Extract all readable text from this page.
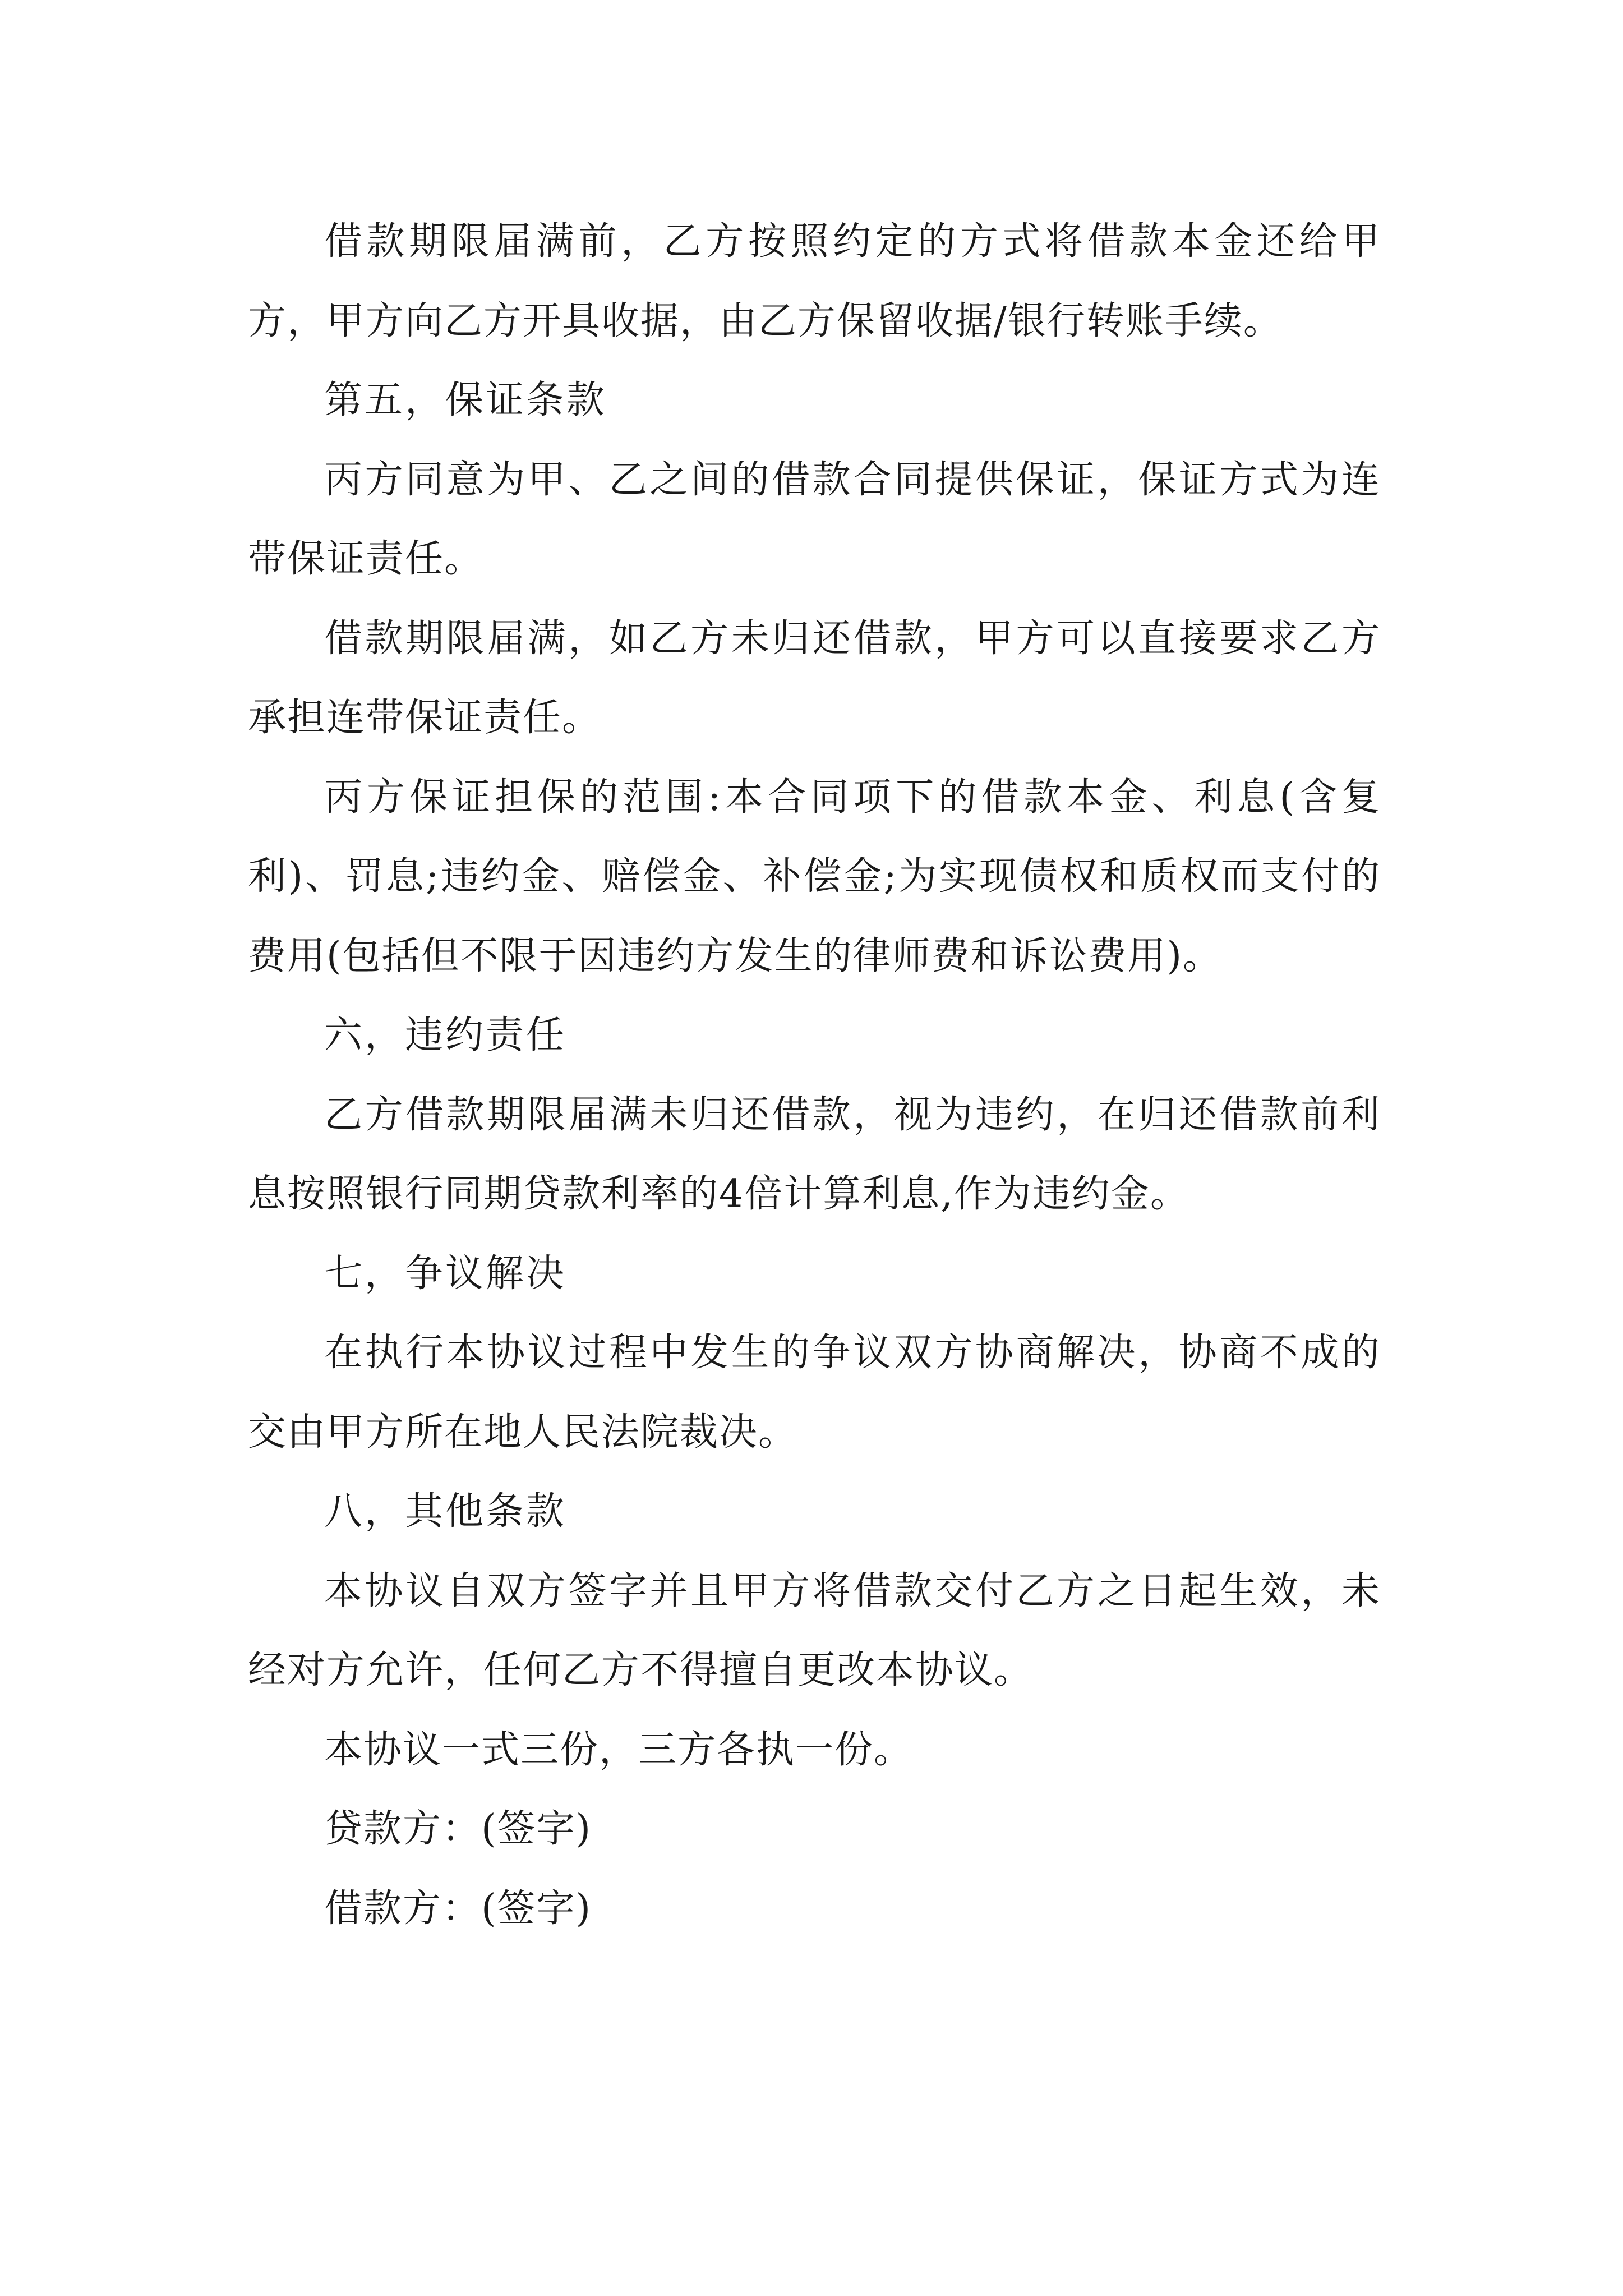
借款期限届满前，乙方按照约定的方式将借款本金还给甲方，甲方向乙方开具收据，由乙方保留收据/银行转账手续。

第五，保证条款

丙方同意为甲、乙之间的借款合同提供保证，保证方式为连带保证责任。

借款期限届满，如乙方未归还借款，甲方可以直接要求乙方承担连带保证责任。

丙方保证担保的范围:本合同项下的借款本金、利息(含复利)、罚息;违约金、赔偿金、补偿金;为实现债权和质权而支付的费用(包括但不限于因违约方发生的律师费和诉讼费用)。

六，违约责任

乙方借款期限届满未归还借款，视为违约，在归还借款前利息按照银行同期贷款利率的4倍计算利息,作为违约金。

七，争议解决

在执行本协议过程中发生的争议双方协商解决，协商不成的交由甲方所在地人民法院裁决。

八，其他条款

本协议自双方签字并且甲方将借款交付乙方之日起生效，未经对方允许，任何乙方不得擅自更改本协议。

本协议一式三份，三方各执一份。

贷款方：(签字)

借款方：(签字)
